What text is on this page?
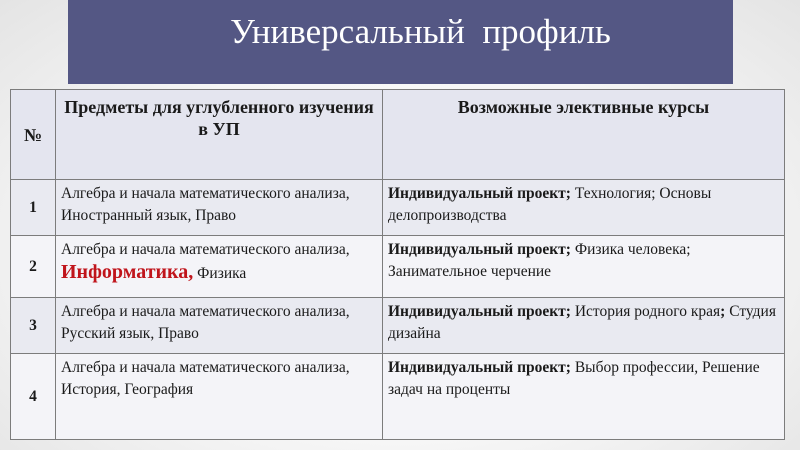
Универсальный  профиль
№	Предметы для углубленного изучения в УП	Возможные элективные курсы
1	Алгебра и начала математического анализа, Иностранный язык, Право	Индивидуальный проект; Технология; Основы делопроизводства
2	Алгебра и начала математического анализа, Информатика, Физика	Индивидуальный проект; Физика человека; Занимательное черчение
3	Алгебра и начала математического анализа, Русский язык, Право	Индивидуальный проект; История родного края; Студия дизайна
4	Алгебра и начала математического анализа, История, География	Индивидуальный проект; Выбор профессии, Решение задач на проценты
